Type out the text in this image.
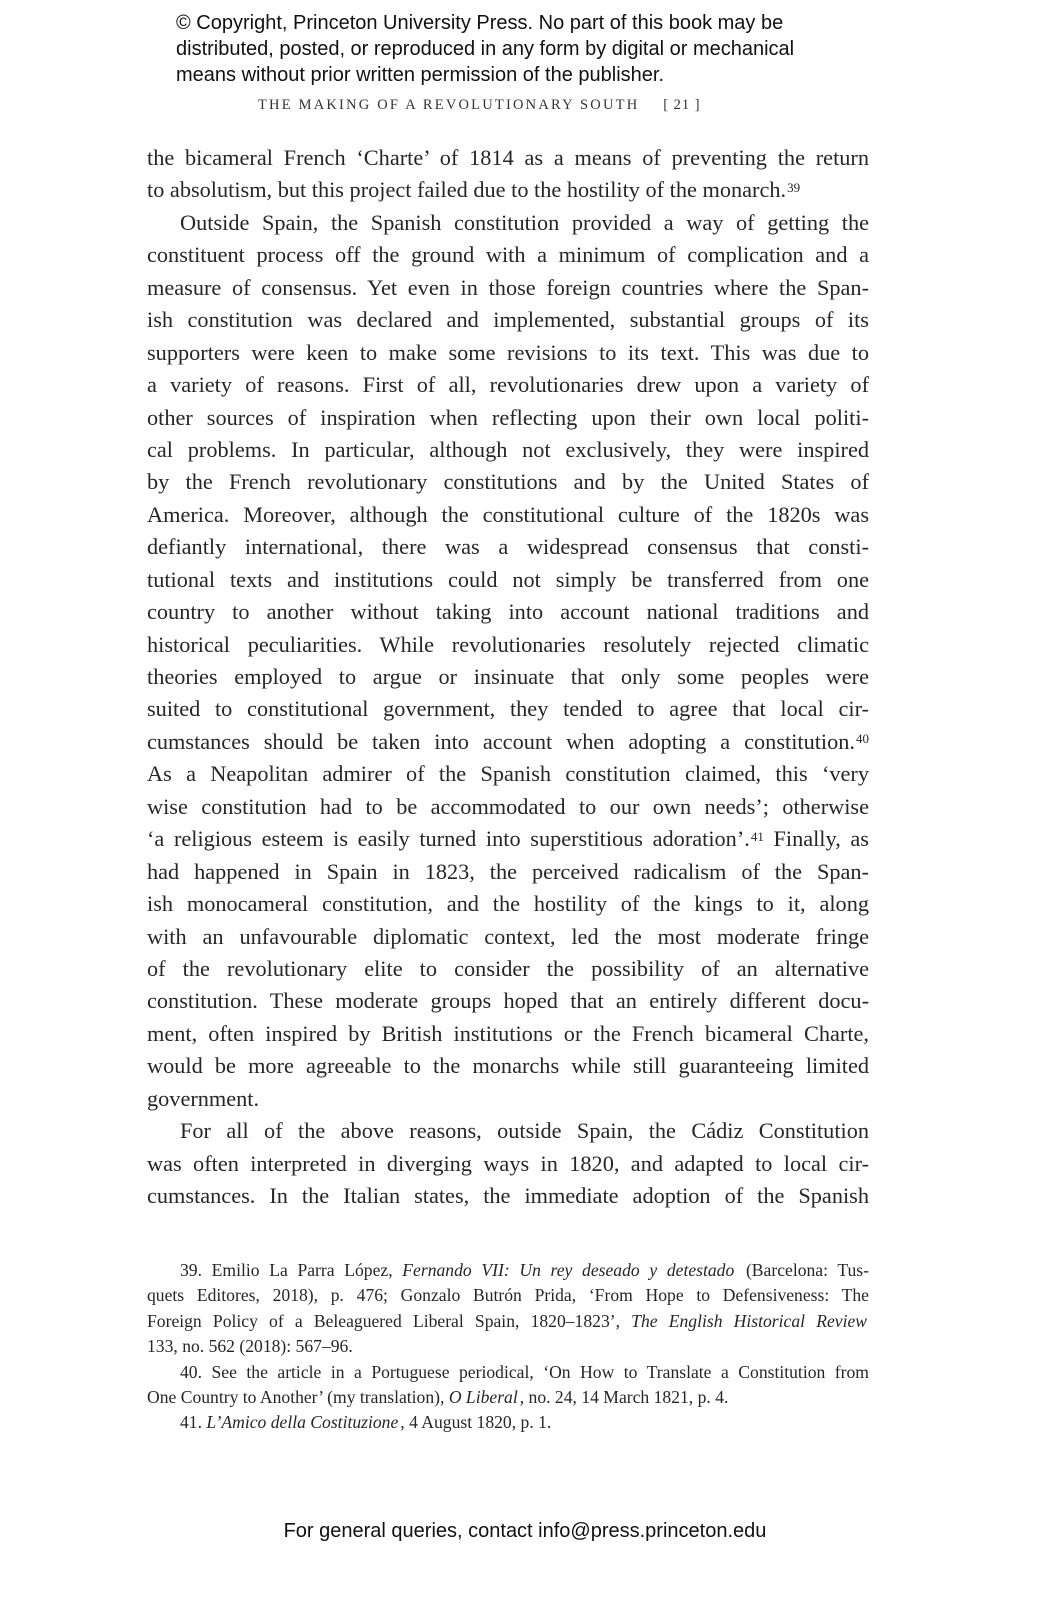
© Copyright, Princeton University Press. No part of this book may be
distributed, posted, or reproduced in any form by digital or mechanical
means without prior written permission of the publisher.
THE MAKING OF A REVOLUTIONARY SOUTH [ 21 ]
the bicameral French ‘Charte’ of 1814 as a means of preventing the return
to absolutism, but this project failed due to the hostility of the monarch.$^{39}$
Outside Spain, the Spanish constitution provided a way of getting the
constituent process off the ground with a minimum of complication and a
measure of consensus. Yet even in those foreign countries where the Span-
ish constitution was declared and implemented, substantial groups of its
supporters were keen to make some revisions to its text. This was due to
a variety of reasons. First of all, revolutionaries drew upon a variety of
other sources of inspiration when reflecting upon their own local politi-
cal problems. In particular, although not exclusively, they were inspired
by the French revolutionary constitutions and by the United States of
America. Moreover, although the constitutional culture of the 1820s was
defiantly international, there was a widespread consensus that consti-
tutional texts and institutions could not simply be transferred from one
country to another without taking into account national traditions and
historical peculiarities. While revolutionaries resolutely rejected climatic
theories employed to argue or insinuate that only some peoples were
suited to constitutional government, they tended to agree that local cir-
cumstances should be taken into account when adopting a constitution.$^{40}$
As a Neapolitan admirer of the Spanish constitution claimed, this ‘very
wise constitution had to be accommodated to our own needs’; otherwise
‘a religious esteem is easily turned into superstitious adoration’.$^{41}$ Finally, as
had happened in Spain in 1823, the perceived radicalism of the Span-
ish monocameral constitution, and the hostility of the kings to it, along
with an unfavourable diplomatic context, led the most moderate fringe
of the revolutionary elite to consider the possibility of an alternative
constitution. These moderate groups hoped that an entirely different docu-
ment, often inspired by British institutions or the French bicameral Charte,
would be more agreeable to the monarchs while still guaranteeing limited
government.
For all of the above reasons, outside Spain, the Cádiz Constitution
was often interpreted in diverging ways in 1820, and adapted to local cir-
cumstances. In the Italian states, the immediate adoption of the Spanish
39. Emilio La Parra López, Fernando VII: Un rey deseado y detestado (Barcelona: Tus-
quets Editores, 2018), p. 476; Gonzalo Butrón Prida, ‘From Hope to Defensiveness: The
Foreign Policy of a Beleaguered Liberal Spain, 1820–1823’, The English Historical Review
133, no. 562 (2018): 567–96.
40. See the article in a Portuguese periodical, ‘On How to Translate a Constitution from
One Country to Another’ (my translation), O Liberal , no. 24, 14 March 1821, p. 4.
41. L’Amico della Costituzione , 4 August 1820, p. 1.
For general queries, contact info@press.princeton.edu
